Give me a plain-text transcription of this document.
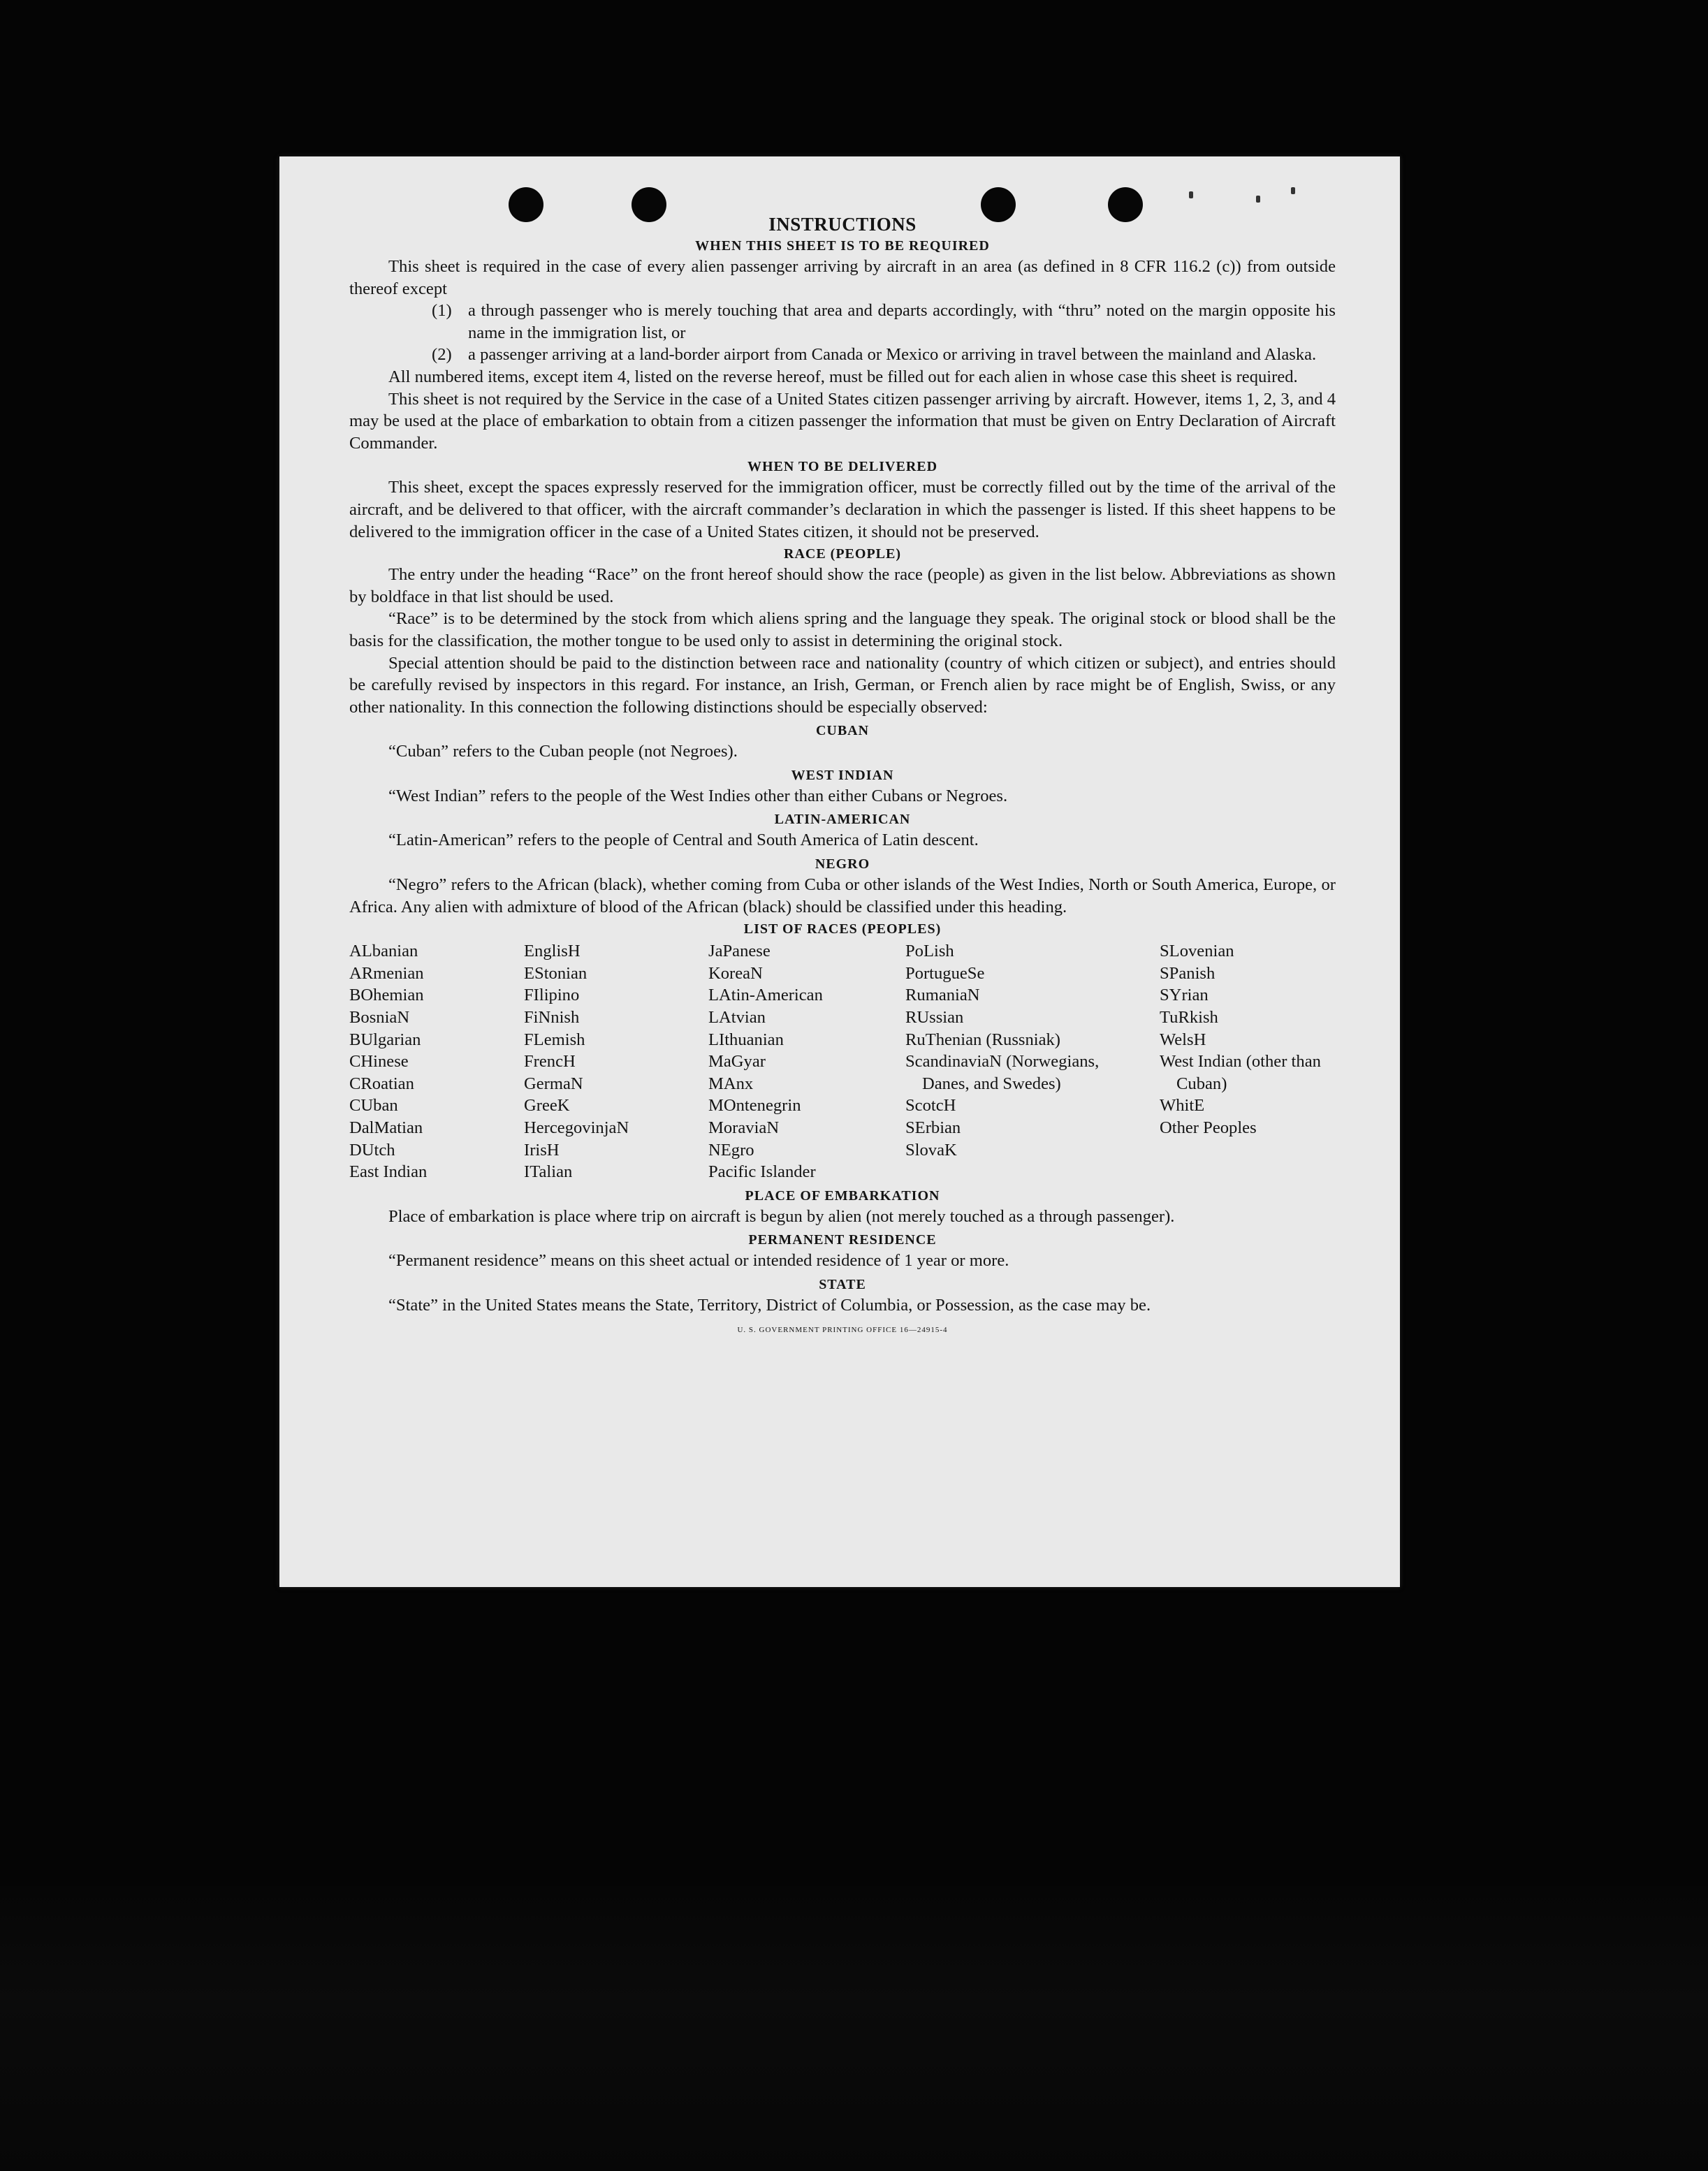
INSTRUCTIONS
WHEN THIS SHEET IS TO BE REQUIRED

This sheet is required in the case of every alien passenger arriving by aircraft in an area (as defined in 8 CFR 116.2 (c)) from outside thereof except

(1) a through passenger who is merely touching that area and departs accordingly, with “thru” noted on the margin opposite his name in the immigration list, or
(2) a passenger arriving at a land-border airport from Canada or Mexico or arriving in travel between the mainland and Alaska.

All numbered items, except item 4, listed on the reverse hereof, must be filled out for each alien in whose case this sheet is required.

This sheet is not required by the Service in the case of a United States citizen passenger arriving by aircraft. However, items 1, 2, 3, and 4 may be used at the place of embarkation to obtain from a citizen passenger the information that must be given on Entry Declaration of Aircraft Commander.

WHEN TO BE DELIVERED

This sheet, except the spaces expressly reserved for the immigration officer, must be correctly filled out by the time of the arrival of the aircraft, and be delivered to that officer, with the aircraft commander’s declaration in which the passenger is listed. If this sheet happens to be delivered to the immigration officer in the case of a United States citizen, it should not be preserved.

RACE (PEOPLE)

The entry under the heading “Race” on the front hereof should show the race (people) as given in the list below. Abbreviations as shown by boldface in that list should be used.

“Race” is to be determined by the stock from which aliens spring and the language they speak. The original stock or blood shall be the basis for the classification, the mother tongue to be used only to assist in determining the original stock.

Special attention should be paid to the distinction between race and nationality (country of which citizen or subject), and entries should be carefully revised by inspectors in this regard. For instance, an Irish, German, or French alien by race might be of English, Swiss, or any other nationality. In this connection the following distinctions should be especially observed:

CUBAN

“Cuban” refers to the Cuban people (not Negroes).

WEST INDIAN

“West Indian” refers to the people of the West Indies other than either Cubans or Negroes.

LATIN-AMERICAN

“Latin-American” refers to the people of Central and South America of Latin descent.

NEGRO

“Negro” refers to the African (black), whether coming from Cuba or other islands of the West Indies, North or South America, Europe, or Africa. Any alien with admixture of blood of the African (black) should be classified under this heading.

LIST OF RACES (PEOPLES)
ALbanian
ARmenian
BOhemian
BosniaN
BUlgarian
CHinese
CRoatian
CUban
DalMatian
DUtch
East Indian
EnglisH
EStonian
FIlipino
FiNnish
FLemish
FrencH
GermaN
GreeK
HercegovinjaN
IrisH
ITalian
JaPanese
KoreaN
LAtin-American
LAtvian
LIthuanian
MaGyar
MAnx
MOntenegrin
MoraviaN
NEgro
Pacific Islander
PoLish
PortugueSe
RumaniaN
RUssian
RuThenian (Russniak)
ScandinaviaN (Norwegians, Danes, and Swedes)
ScotcH
SErbian
SlovaK
SLovenian
SPanish
SYrian
TuRkish
WelsH
West Indian (other than Cuban)
WhitE
Other Peoples
PLACE OF EMBARKATION

Place of embarkation is place where trip on aircraft is begun by alien (not merely touched as a through passenger).

PERMANENT RESIDENCE

“Permanent residence” means on this sheet actual or intended residence of 1 year or more.

STATE

“State” in the United States means the State, Territory, District of Columbia, or Possession, as the case may be.

U. S. GOVERNMENT PRINTING OFFICE 16—24915-4
